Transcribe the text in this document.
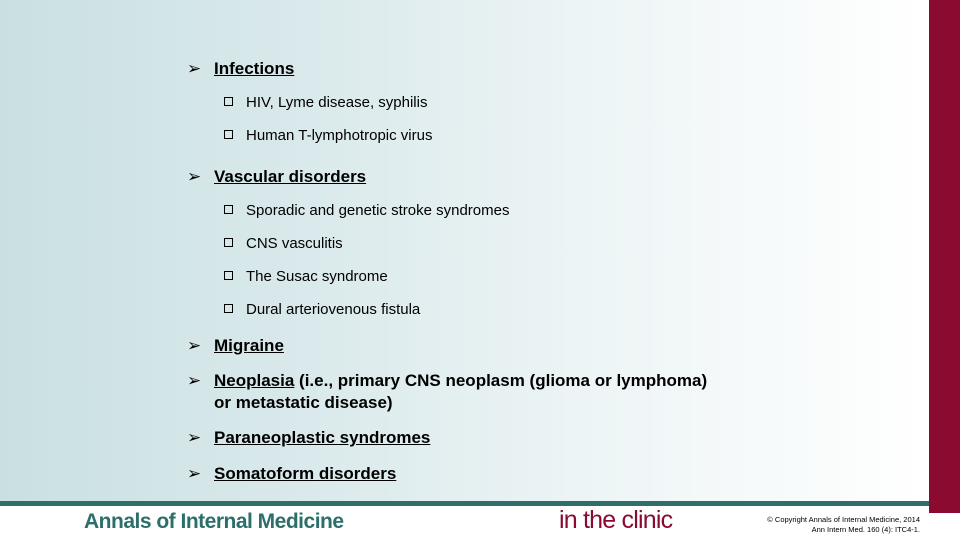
➢ Infections
HIV, Lyme disease, syphilis
Human T-lymphotropic virus
➢ Vascular disorders
Sporadic and genetic stroke syndromes
CNS vasculitis
The Susac syndrome
Dural arteriovenous fistula
➢ Migraine
➢ Neoplasia (i.e., primary CNS neoplasm (glioma or lymphoma)
or metastatic disease)
➢ Paraneoplastic syndromes
➢ Somatoform disorders
Annals of Internal Medicine	in the clinic	© Copyright Annals of Internal Medicine, 2014
Ann Intern Med. 160 (4): ITC4-1.
